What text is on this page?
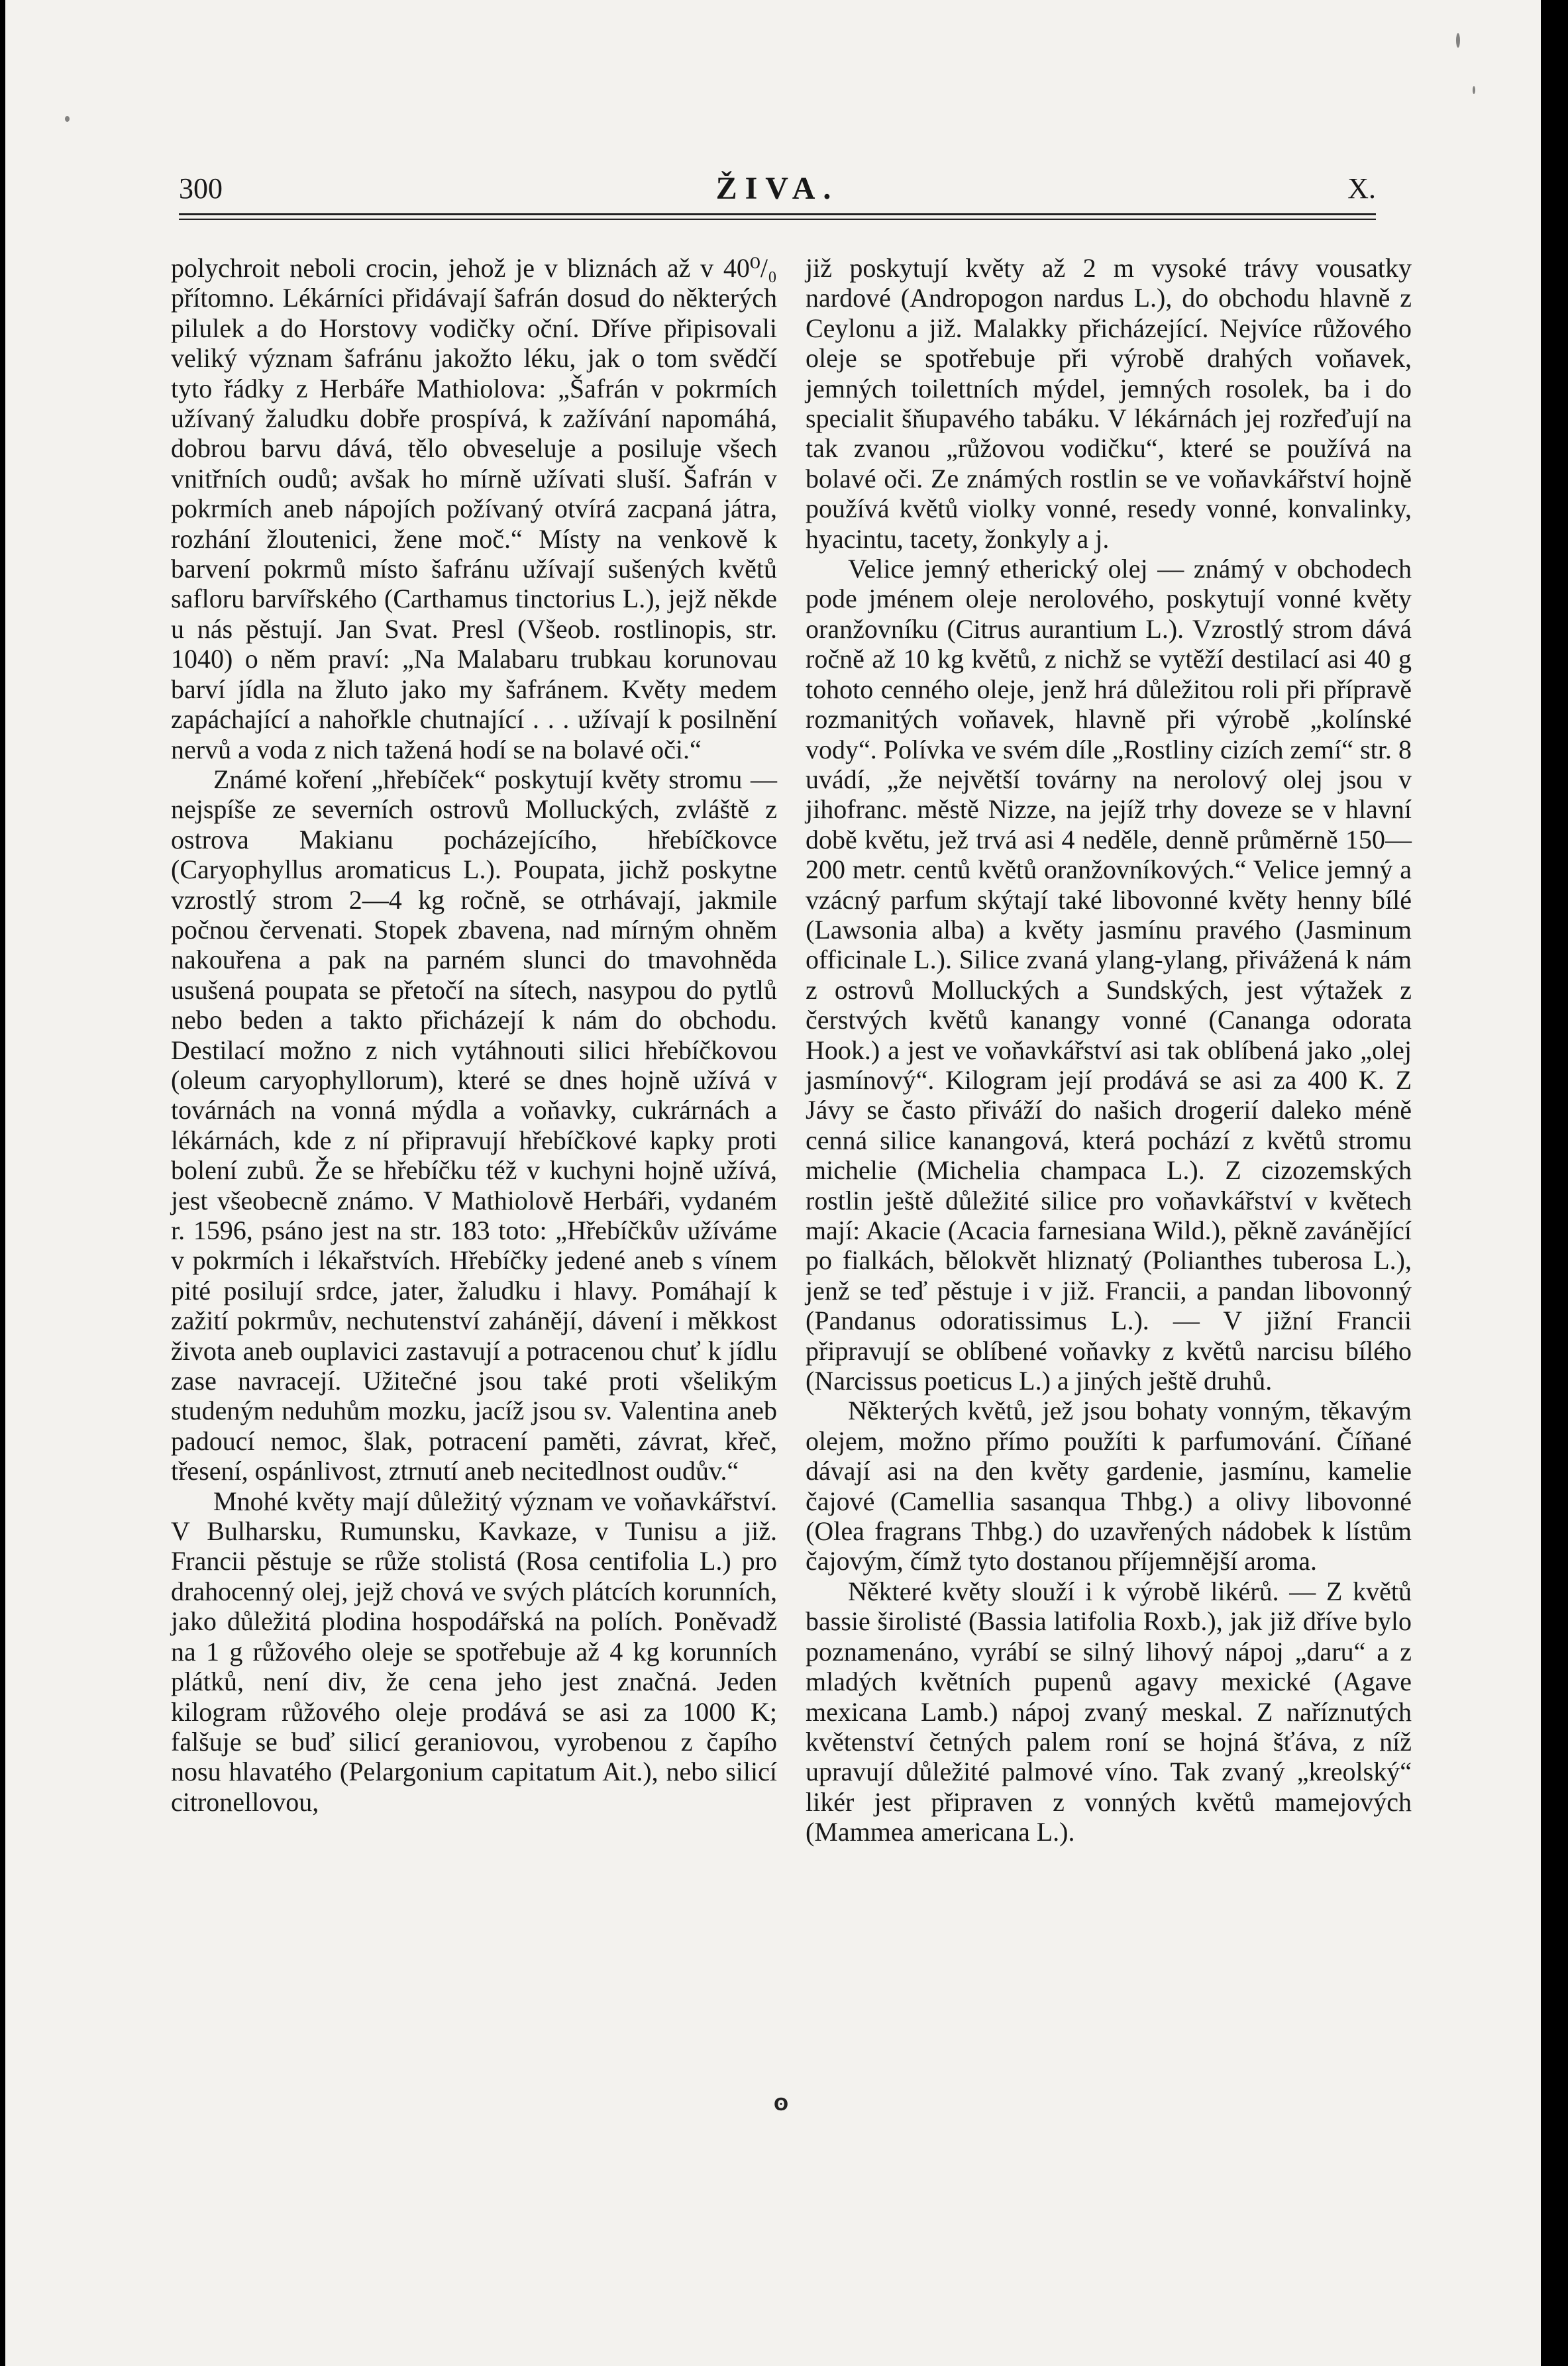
300	ŽIVA.	X.

polychroit neboli crocin, jehož je v bliznách až v 40⁰/₀ přítomno. Lékárníci přidávají šafrán dosud do některých pilulek a do Horstovy vodičky oční. Dříve připisovali veliký význam šafránu jakožto léku, jak o tom svědčí tyto řádky z Herbáře Mathiolova: „Šafrán v pokrmích užívaný žaludku dobře prospívá, k zažívání napomáhá, dobrou barvu dává, tělo obveseluje a posiluje všech vnitřních oudů; avšak ho mírně užívati sluší. Šafrán v pokrmích aneb nápojích požívaný otvírá zacpaná játra, rozhání žloutenici, žene moč.“ Místy na venkově k barvení pokrmů místo šafránu užívají sušených květů safloru barvířského (Carthamus tinctorius L.), jejž někde u nás pěstují. Jan Svat. Presl (Všeob. rostlinopis, str. 1040) o něm praví: „Na Malabaru trubkau korunovau barví jídla na žluto jako my šafránem. Květy medem zapáchající a nahořkle chutnající . . . užívají k posilnění nervů a voda z nich tažená hodí se na bolavé oči.“

Známé koření „hřebíček“ poskytují květy stromu — nejspíše ze severních ostrovů Molluckých, zvláště z ostrova Makianu pocházejícího, hřebíčkovce (Caryophyllus aromaticus L.). Poupata, jichž poskytne vzrostlý strom 2—4 kg ročně, se otrhávají, jakmile počnou červenati. Stopek zbavena, nad mírným ohněm nakouřena a pak na parném slunci do tmavohněda usušená poupata se přetočí na sítech, nasypou do pytlů nebo beden a takto přicházejí k nám do obchodu. Destilací možno z nich vytáhnouti silici hřebíčkovou (oleum caryophyllorum), které se dnes hojně užívá v továrnách na vonná mýdla a voňavky, cukrárnách a lékárnách, kde z ní připravují hřebíčkové kapky proti bolení zubů. Že se hřebíčku též v kuchyni hojně užívá, jest všeobecně známo. V Mathiolově Herbáři, vydaném r. 1596, psáno jest na str. 183 toto: „Hřebíčkův užíváme v pokrmích i lékařstvích. Hřebíčky jedené aneb s vínem pité posilují srdce, jater, žaludku i hlavy. Pomáhají k zažití pokrmův, nechutenství zahánějí, dávení i měkkost života aneb ouplavici zastavují a potracenou chuť k jídlu zase navracejí. Užitečné jsou také proti všelikým studeným neduhům mozku, jacíž jsou sv. Valentina aneb padoucí nemoc, šlak, potracení paměti, závrat, křeč, třesení, ospánlivost, ztrnutí aneb necitedlnost oudův.“

Mnohé květy mají důležitý význam ve voňavkářství. V Bulharsku, Rumunsku, Kavkaze, v Tunisu a již. Francii pěstuje se růže stolistá (Rosa centifolia L.) pro drahocenný olej, jejž chová ve svých plátcích korunních, jako důležitá plodina hospodářská na polích. Poněvadž na 1 g růžového oleje se spotřebuje až 4 kg korunních plátků, není div, že cena jeho jest značná. Jeden kilogram růžového oleje prodává se asi za 1000 K; falšuje se buď silicí geraniovou, vyrobenou z čapího nosu hlavatého (Pelargonium capitatum Ait.), nebo silicí citronellovou,

již poskytují květy až 2 m vysoké trávy vousatky nardové (Andropogon nardus L.), do obchodu hlavně z Ceylonu a již. Malakky přicházející. Nejvíce růžového oleje se spotřebuje při výrobě drahých voňavek, jemných toilettních mýdel, jemných rosolek, ba i do specialit šňupavého tabáku. V lékárnách jej rozřeďují na tak zvanou „růžovou vodičku“, které se používá na bolavé oči. Ze známých rostlin se ve voňavkářství hojně používá květů violky vonné, resedy vonné, konvalinky, hyacintu, tacety, žonkyly a j.

Velice jemný etherický olej — známý v obchodech pode jménem oleje nerolového, poskytují vonné květy oranžovníku (Citrus aurantium L.). Vzrostlý strom dává ročně až 10 kg květů, z nichž se vytěží destilací asi 40 g tohoto cenného oleje, jenž hrá důležitou roli při přípravě rozmanitých voňavek, hlavně při výrobě „kolínské vody“. Polívka ve svém díle „Rostliny cizích zemí“ str. 8 uvádí, „že největší továrny na nerolový olej jsou v jihofranc. městě Nizze, na jejíž trhy doveze se v hlavní době květu, jež trvá asi 4 neděle, denně průměrně 150—200 metr. centů květů oranžovníkových.“ Velice jemný a vzácný parfum skýtají také libovonné květy henny bílé (Lawsonia alba) a květy jasmínu pravého (Jasminum officinale L.). Silice zvaná ylang-ylang, přivážená k nám z ostrovů Molluckých a Sundských, jest výtažek z čerstvých květů kanangy vonné (Cananga odorata Hook.) a jest ve voňavkářství asi tak oblíbená jako „olej jasmínový“. Kilogram její prodává se asi za 400 K. Z Jávy se často přiváží do našich drogerií daleko méně cenná silice kanangová, která pochází z květů stromu michelie (Michelia champaca L.). Z cizozemských rostlin ještě důležité silice pro voňavkářství v květech mají: Akacie (Acacia farnesiana Wild.), pěkně zavánějící po fialkách, bělokvět hliznatý (Polianthes tuberosa L.), jenž se teď pěstuje i v již. Francii, a pandan libovonný (Pandanus odoratissimus L.). — V jižní Francii připravují se oblíbené voňavky z květů narcisu bílého (Narcissus poeticus L.) a jiných ještě druhů.

Některých květů, jež jsou bohaty vonným, těkavým olejem, možno přímo použíti k parfumování. Číňané dávají asi na den květy gardenie, jasmínu, kamelie čajové (Camellia sasanqua Thbg.) a olivy libovonné (Olea fragrans Thbg.) do uzavřených nádobek k lístům čajovým, čímž tyto dostanou příjemnější aroma.

Některé květy slouží i k výrobě likérů. — Z květů bassie širolisté (Bassia latifolia Roxb.), jak již dříve bylo poznamenáno, vyrábí se silný lihový nápoj „daru“ a z mladých květních pupenů agavy mexické (Agave mexicana Lamb.) nápoj zvaný meskal. Z naříznutých květenství četných palem roní se hojná šťáva, z níž upravují důležité palmové víno. Tak zvaný „kreolský“ likér jest připraven z vonných květů mamejových (Mammea americana L.).

ʘ
